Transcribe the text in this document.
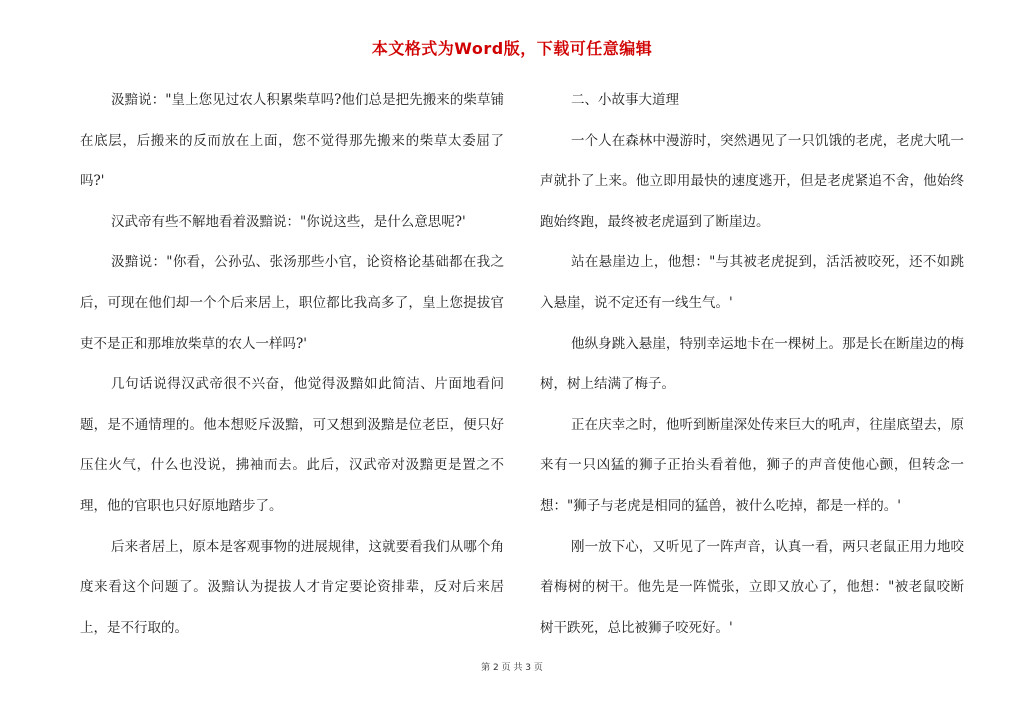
本文格式为Word版，下载可任意编辑

汲黯说："皇上您见过农人积累柴草吗?他们总是把先搬来的柴草铺在底层，后搬来的反而放在上面，您不觉得那先搬来的柴草太委屈了吗?'

汉武帝有些不解地看着汲黯说："你说这些，是什么意思呢?'

汲黯说："你看，公孙弘、张汤那些小官，论资格论基础都在我之后，可现在他们却一个个后来居上，职位都比我高多了，皇上您提拔官吏不是正和那堆放柴草的农人一样吗?'

几句话说得汉武帝很不兴奋，他觉得汲黯如此简洁、片面地看问题，是不通情理的。他本想贬斥汲黯，可又想到汲黯是位老臣，便只好压住火气，什么也没说，拂袖而去。此后，汉武帝对汲黯更是置之不理，他的官职也只好原地踏步了。

后来者居上，原本是客观事物的进展规律，这就要看我们从哪个角度来看这个问题了。汲黯认为提拔人才肯定要论资排辈，反对后来居上，是不行取的。

二、小故事大道理

一个人在森林中漫游时，突然遇见了一只饥饿的老虎，老虎大吼一声就扑了上来。他立即用最快的速度逃开，但是老虎紧追不舍，他始终跑始终跑，最终被老虎逼到了断崖边。

站在悬崖边上，他想："与其被老虎捉到，活活被咬死，还不如跳入悬崖，说不定还有一线生气。'

他纵身跳入悬崖，特别幸运地卡在一棵树上。那是长在断崖边的梅树，树上结满了梅子。

正在庆幸之时，他听到断崖深处传来巨大的吼声，往崖底望去，原来有一只凶猛的狮子正抬头看着他，狮子的声音使他心颤，但转念一想："狮子与老虎是相同的猛兽，被什么吃掉，都是一样的。'

刚一放下心，又听见了一阵声音，认真一看，两只老鼠正用力地咬着梅树的树干。他先是一阵慌张，立即又放心了，他想："被老鼠咬断树干跌死，总比被狮子咬死好。'

第 2 页 共 3 页
